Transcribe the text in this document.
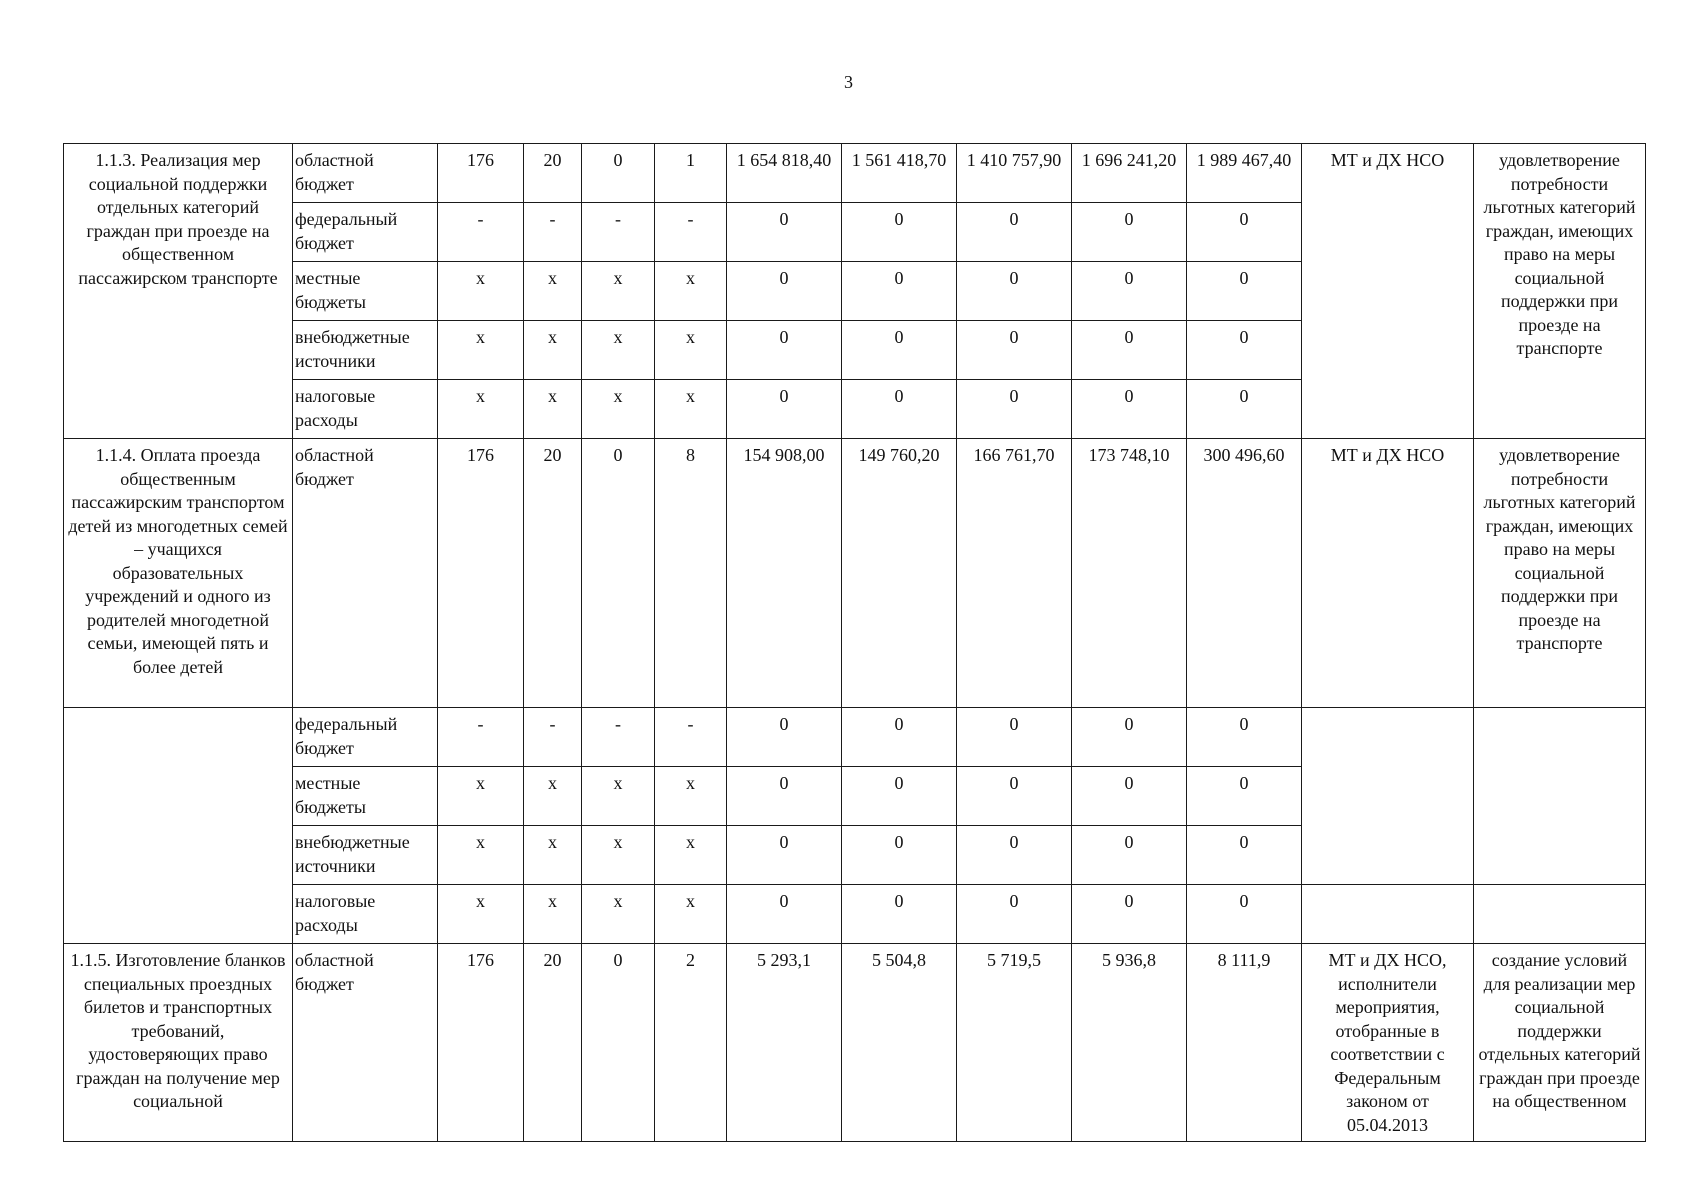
3
1.1.3. Реализация мер социальной поддержки отдельных категорий граждан при проезде на общественном пассажирском транспорте	областной бюджет	176	20	0	1	1 654 818,40	1 561 418,70	1 410 757,90	1 696 241,20	1 989 467,40	МТ и ДХ НСО	удовлетворение потребности льготных категорий граждан, имеющих право на меры социальной поддержки при проезде на транспорте
	федеральный бюджет	-	-	-	-	0	0	0	0	0		
	местные бюджеты	x	x	x	x	0	0	0	0	0		
	внебюджетные источники	x	x	x	x	0	0	0	0	0		
	налоговые расходы	x	x	x	x	0	0	0	0	0		
1.1.4. Оплата проезда общественным пассажирским транспортом детей из многодетных семей – учащихся образовательных учреждений и одного из родителей многодетной семьи, имеющей пять и более детей	областной бюджет	176	20	0	8	154 908,00	149 760,20	166 761,70	173 748,10	300 496,60	МТ и ДХ НСО	удовлетворение потребности льготных категорий граждан, имеющих право на меры социальной поддержки при проезде на транспорте
	федеральный бюджет	-	-	-	-	0	0	0	0	0		
	местные бюджеты	x	x	x	x	0	0	0	0	0		
	внебюджетные источники	x	x	x	x	0	0	0	0	0		
	налоговые расходы	x	x	x	x	0	0	0	0	0		
1.1.5. Изготовление бланков специальных проездных билетов и транспортных требований, удостоверяющих право граждан на получение мер социальной	областной бюджет	176	20	0	2	5 293,1	5 504,8	5 719,5	5 936,8	8 111,9	МТ и ДХ НСО, исполнители мероприятия, отобранные в соответствии с Федеральным законом от 05.04.2013	создание условий для реализации мер социальной поддержки отдельных категорий граждан при проезде на общественном
